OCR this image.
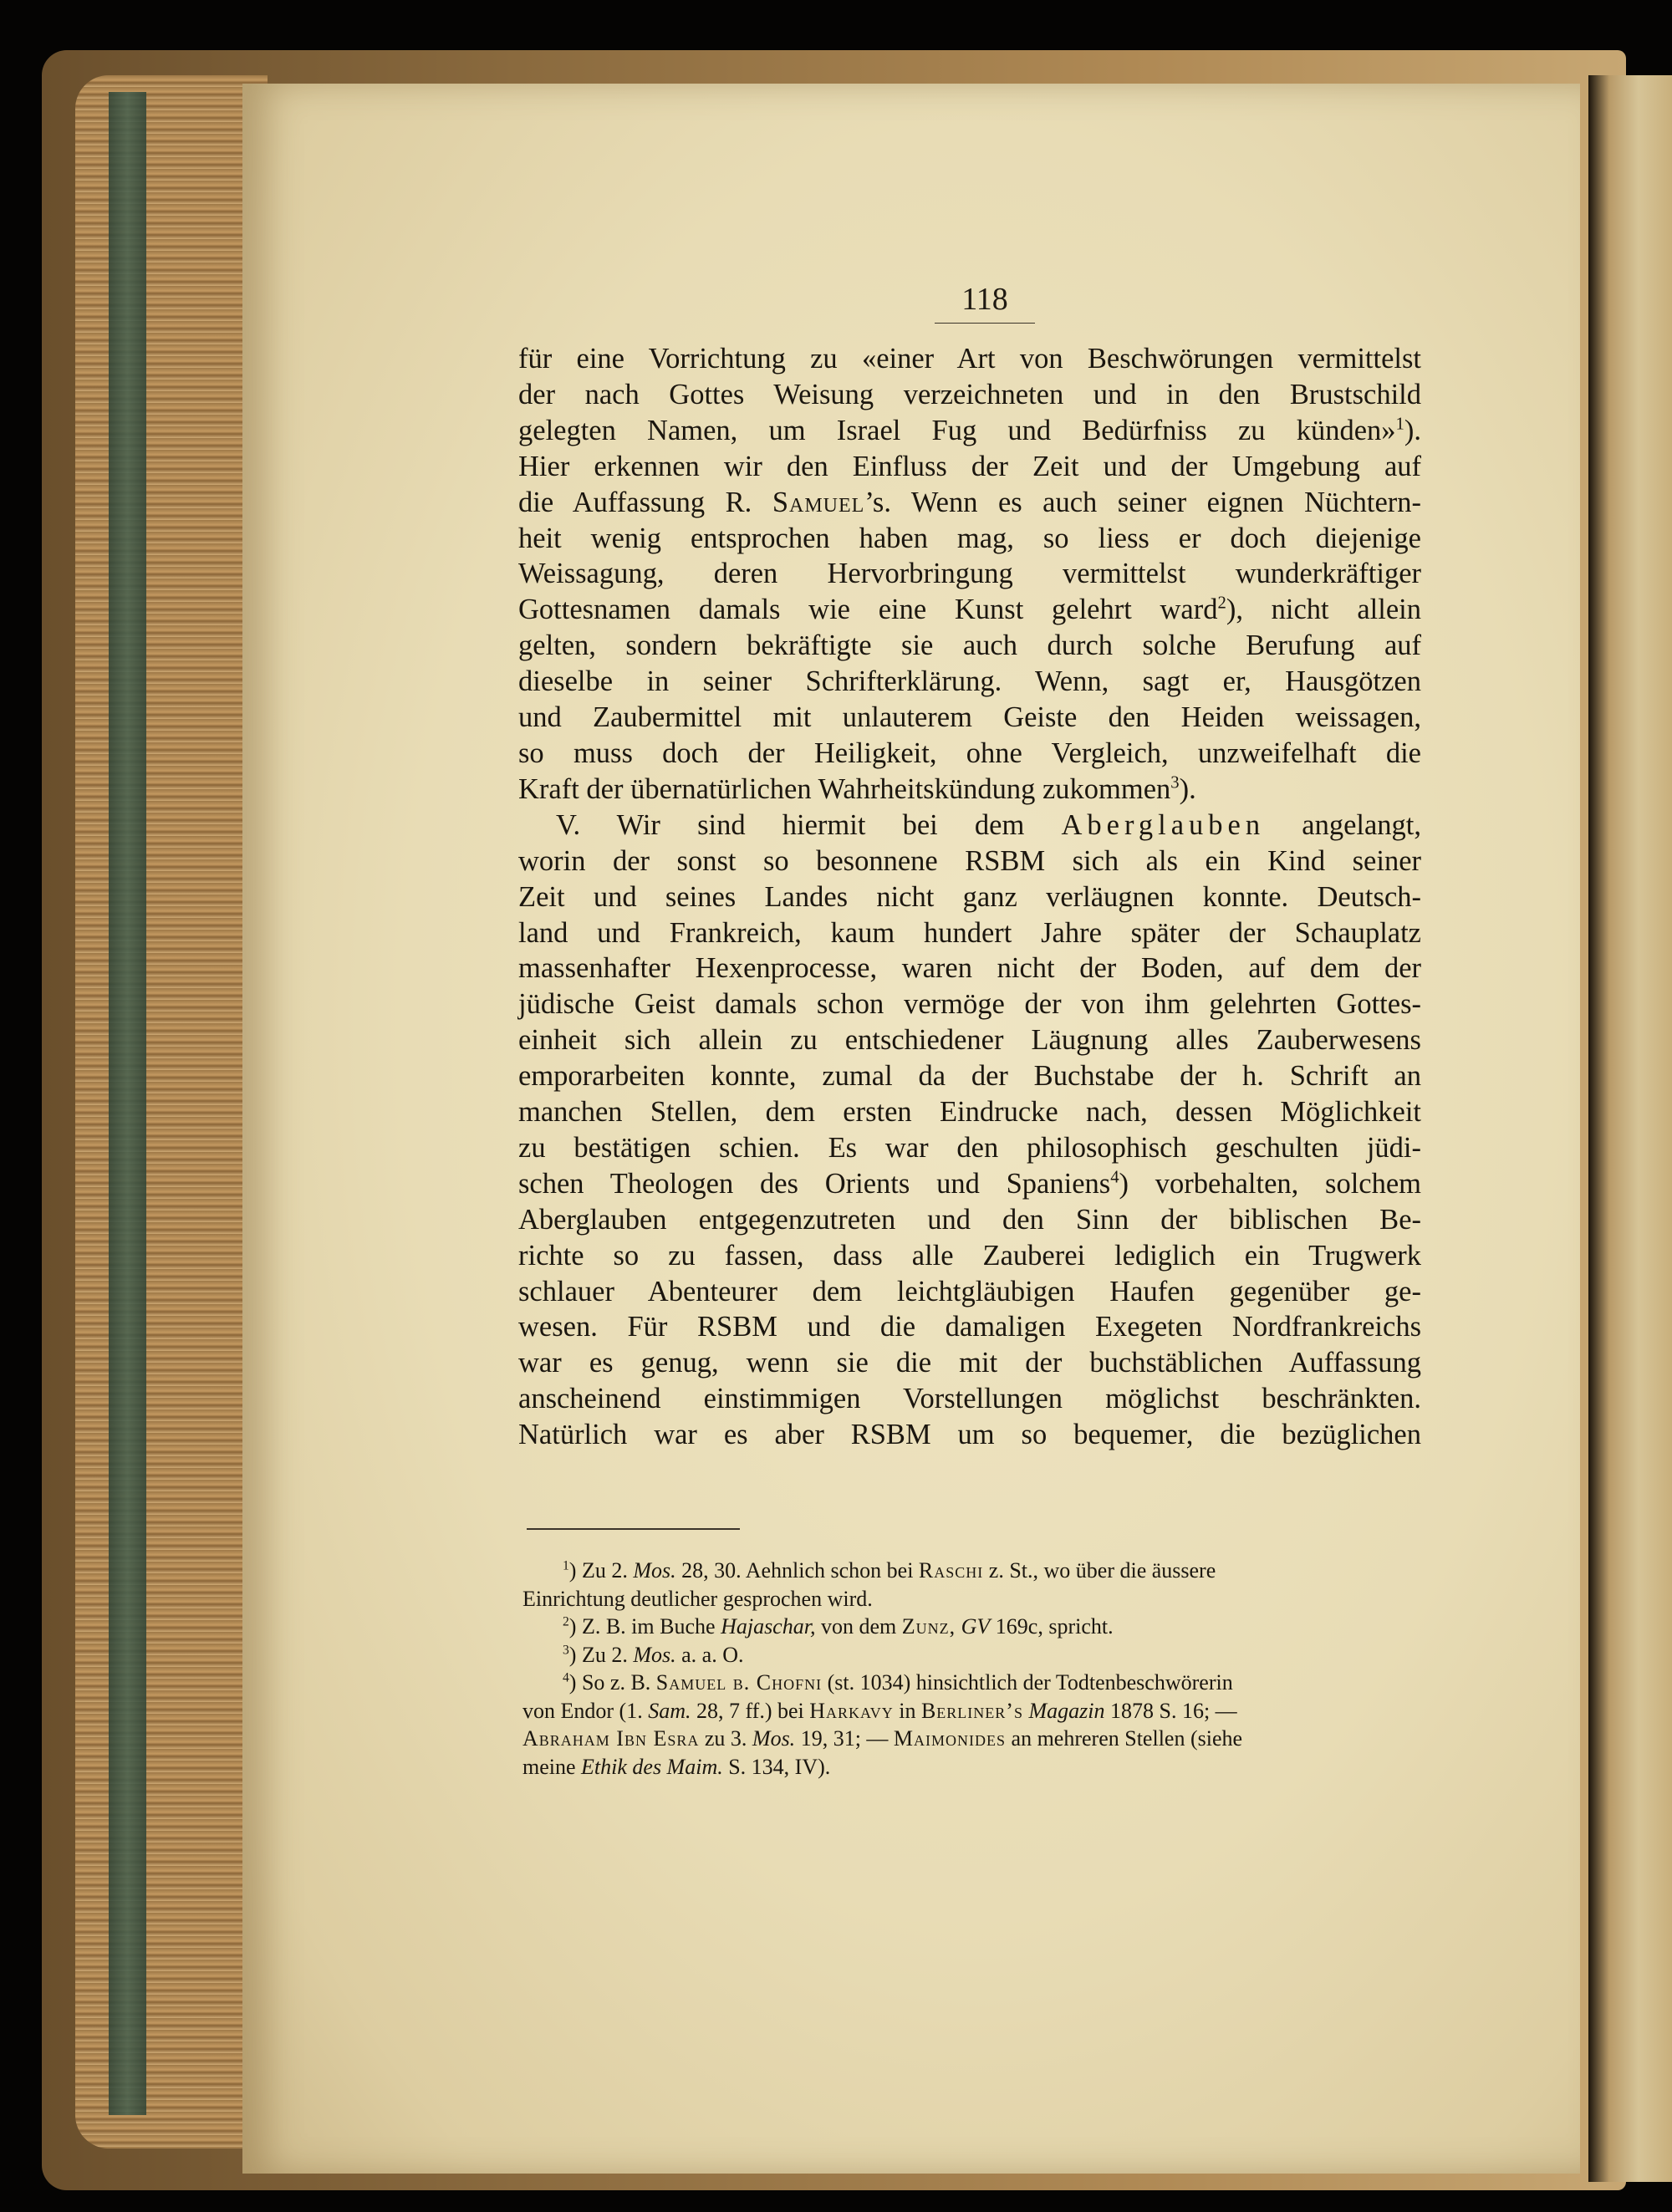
118
für eine Vorrichtung zu «einer Art von Beschwörungen vermittelst
der nach Gottes Weisung verzeichneten und in den Brustschild
gelegten Namen, um Israel Fug und Bedürfniss zu künden»$^1$).
Hier erkennen wir den Einfluss der Zeit und der Umgebung auf
die Auffassung R. Samuel’s. Wenn es auch seiner eignen Nüchtern-
heit wenig entsprochen haben mag, so liess er doch diejenige
Weissagung, deren Hervorbringung vermittelst wunderkräftiger
Gottesnamen damals wie eine Kunst gelehrt ward$^2$), nicht allein
gelten, sondern bekräftigte sie auch durch solche Berufung auf
dieselbe in seiner Schrifterklärung. Wenn, sagt er, Hausgötzen
und Zaubermittel mit unlauterem Geiste den Heiden weissagen,
so muss doch der Heiligkeit, ohne Vergleich, unzweifelhaft die
Kraft der übernatürlichen Wahrheitskündung zukommen$^3$).
V. Wir sind hiermit bei dem Aberglauben angelangt,
worin der sonst so besonnene RSBM sich als ein Kind seiner
Zeit und seines Landes nicht ganz verläugnen konnte. Deutsch-
land und Frankreich, kaum hundert Jahre später der Schauplatz
massenhafter Hexenprocesse, waren nicht der Boden, auf dem der
jüdische Geist damals schon vermöge der von ihm gelehrten Gottes-
einheit sich allein zu entschiedener Läugnung alles Zauberwesens
emporarbeiten konnte, zumal da der Buchstabe der h. Schrift an
manchen Stellen, dem ersten Eindrucke nach, dessen Möglichkeit
zu bestätigen schien. Es war den philosophisch geschulten jüdi-
schen Theologen des Orients und Spaniens$^4$) vorbehalten, solchem
Aberglauben entgegenzutreten und den Sinn der biblischen Be-
richte so zu fassen, dass alle Zauberei lediglich ein Trugwerk
schlauer Abenteurer dem leichtgläubigen Haufen gegenüber ge-
wesen. Für RSBM und die damaligen Exegeten Nordfrankreichs
war es genug, wenn sie die mit der buchstäblichen Auffassung
anscheinend einstimmigen Vorstellungen möglichst beschränkten.
Natürlich war es aber RSBM um so bequemer, die bezüglichen
$^1$) Zu 2. Mos. 28, 30. Aehnlich schon bei Raschi z. St., wo über die äussere
Einrichtung deutlicher gesprochen wird.
$^2$) Z. B. im Buche Hajaschar, von dem Zunz, GV 169c, spricht.
$^3$) Zu 2. Mos. a. a. O.
$^4$) So z. B. Samuel b. Chofni (st. 1034) hinsichtlich der Todtenbeschwörerin
von Endor (1. Sam. 28, 7 ff.) bei Harkavy in Berliner’s Magazin 1878 S. 16; —
Abraham Ibn Esra zu 3. Mos. 19, 31; — Maimonides an mehreren Stellen (siehe
meine Ethik des Maim. S. 134, IV).
